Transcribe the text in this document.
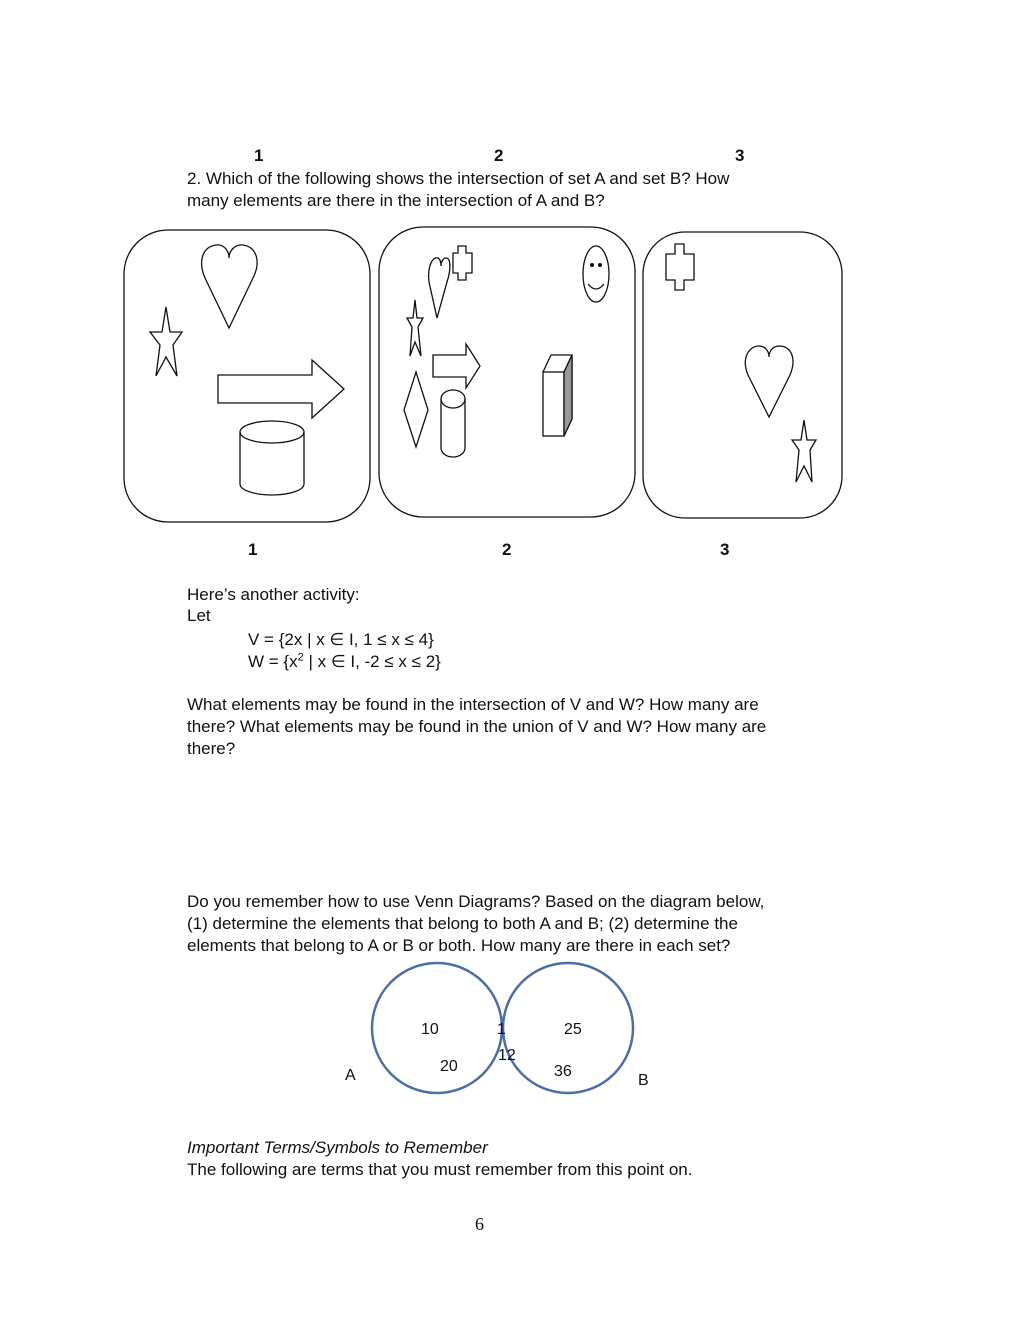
1	2	3
2. Which of the following shows the intersection of set A and set B? How
many elements are there in the intersection of A and B?
1	2	3
Here’s another activity:
Let
V = {2x | x ∈ I, 1 ≤ x ≤ 4}
$W = \{x^2$ | x ∈ I, -2 ≤ x ≤ 2}
What elements may be found in the intersection of V and W? How many are
there? What elements may be found in the union of V and W? How many are
there?
Do you remember how to use Venn Diagrams? Based on the diagram below,
(1) determine the elements that belong to both A and B; (2) determine the
elements that belong to A or B or both. How many are there in each set?
A	B
10
20
1
12
25
36
Important Terms/Symbols to Remember
The following are terms that you must remember from this point on.
6
